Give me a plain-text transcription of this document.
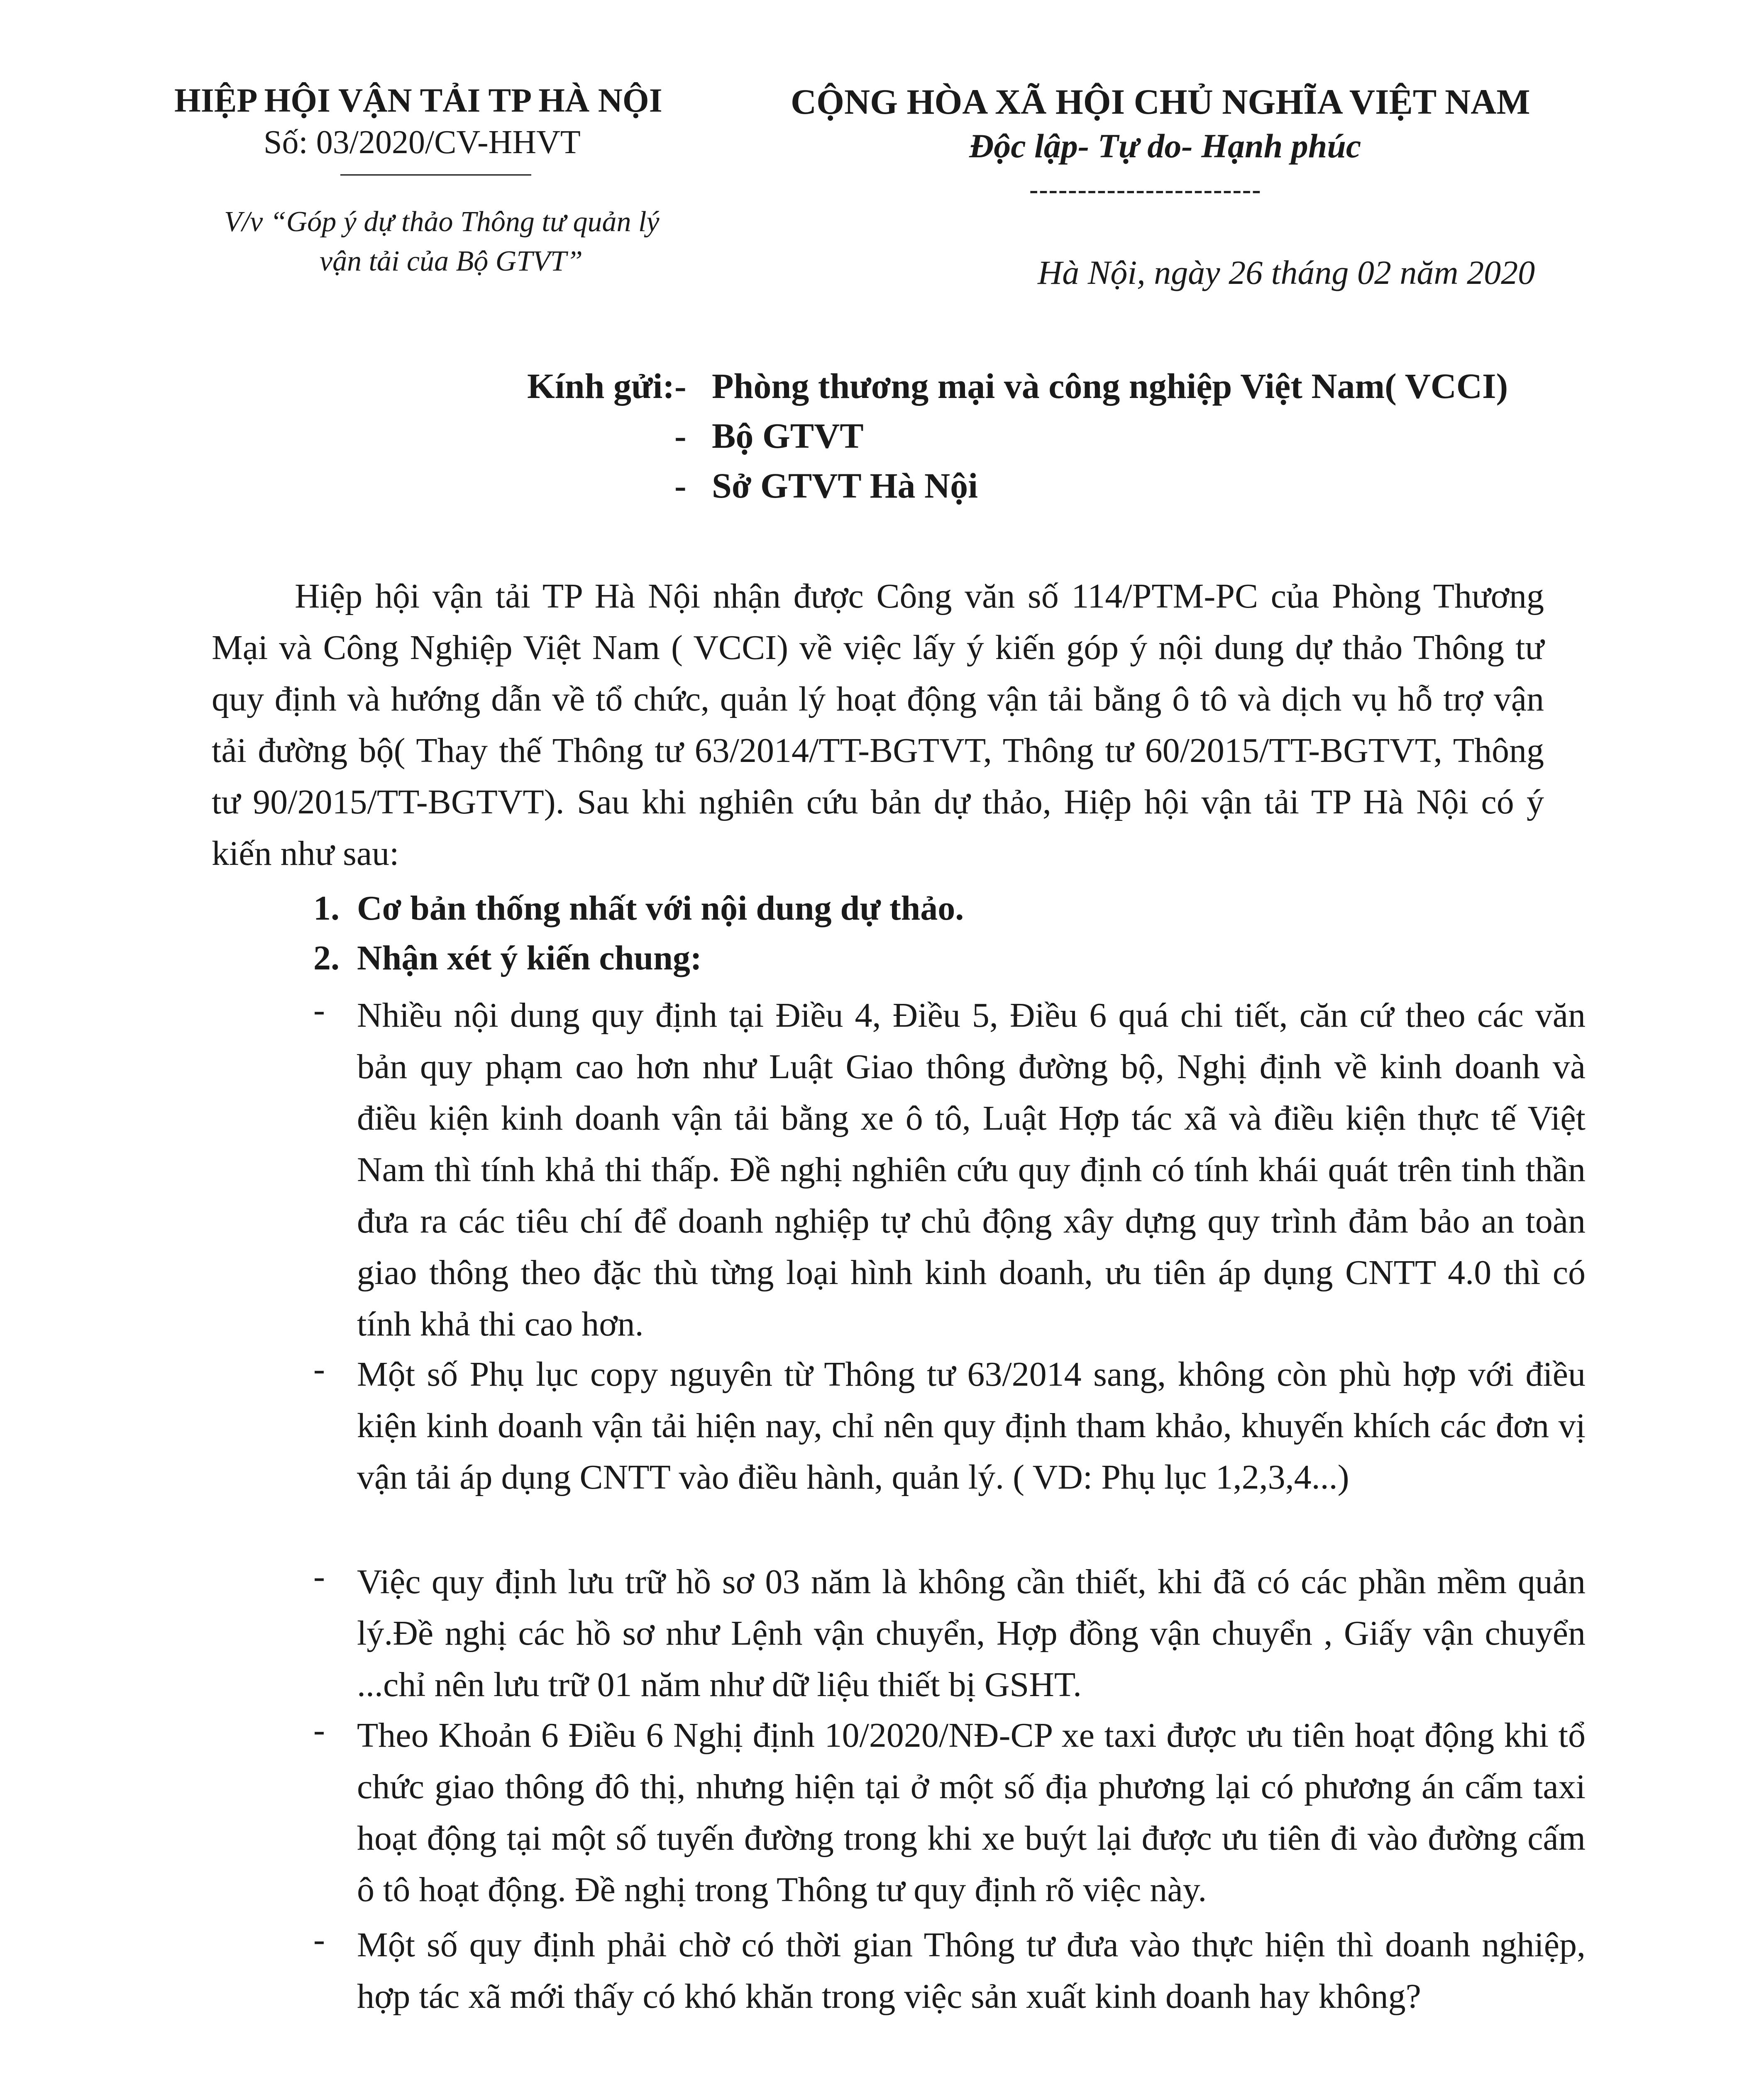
HIỆP HỘI VẬN TẢI TP HÀ NỘI
Số: 03/2020/CV-HHVT
V/v “Góp ý dự thảo Thông tư quản lý
vận tải của Bộ GTVT”
CỘNG HÒA XÃ HỘI CHỦ NGHĨA VIỆT NAM
Độc lập- Tự do- Hạnh phúc
------------------------
Hà Nội, ngày 26 tháng 02 năm 2020
Kính gửi: - Phòng thương mại và công nghiệp Việt Nam( VCCI)
- Bộ GTVT
- Sở GTVT Hà Nội
Hiệp hội vận tải TP Hà Nội nhận được Công văn số 114/PTM-PC của Phòng Thương Mại và Công Nghiệp Việt Nam ( VCCI) về việc lấy ý kiến góp ý nội dung dự thảo Thông tư quy định và hướng dẫn về tổ chức, quản lý hoạt động vận tải bằng ô tô và dịch vụ hỗ trợ vận tải đường bộ( Thay thế Thông tư 63/2014/TT-BGTVT, Thông tư 60/2015/TT-BGTVT, Thông tư 90/2015/TT-BGTVT). Sau khi nghiên cứu bản dự thảo, Hiệp hội vận tải TP Hà Nội có ý kiến như sau:
1. Cơ bản thống nhất với nội dung dự thảo.
2. Nhận xét ý kiến chung:
- Nhiều nội dung quy định tại Điều 4, Điều 5, Điều 6 quá chi tiết, căn cứ theo các văn bản quy phạm cao hơn như Luật Giao thông đường bộ, Nghị định về kinh doanh và điều kiện kinh doanh vận tải bằng xe ô tô, Luật Hợp tác xã và điều kiện thực tế Việt Nam thì tính khả thi thấp. Đề nghị nghiên cứu quy định có tính khái quát trên tinh thần đưa ra các tiêu chí để doanh nghiệp tự chủ động xây dựng quy trình đảm bảo an toàn giao thông theo đặc thù từng loại hình kinh doanh, ưu tiên áp dụng CNTT 4.0 thì có tính khả thi cao hơn.
- Một số Phụ lục copy nguyên từ Thông tư 63/2014 sang, không còn phù hợp với điều kiện kinh doanh vận tải hiện nay, chỉ nên quy định tham khảo, khuyến khích các đơn vị vận tải áp dụng CNTT vào điều hành, quản lý. ( VD: Phụ lục 1,2,3,4...)
- Việc quy định lưu trữ hồ sơ 03 năm là không cần thiết, khi đã có các phần mềm quản lý.Đề nghị các hồ sơ như Lệnh vận chuyển, Hợp đồng vận chuyển , Giấy vận chuyển ...chỉ nên lưu trữ 01 năm như dữ liệu thiết bị GSHT.
- Theo Khoản 6 Điều 6 Nghị định 10/2020/NĐ-CP xe taxi được ưu tiên hoạt động khi tổ chức giao thông đô thị, nhưng hiện tại ở một số địa phương lại có phương án cấm taxi hoạt động tại một số tuyến đường trong khi xe buýt lại được ưu tiên đi vào đường cấm ô tô hoạt động. Đề nghị trong Thông tư quy định rõ việc này.
- Một số quy định phải chờ có thời gian Thông tư đưa vào thực hiện thì doanh nghiệp, hợp tác xã mới thấy có khó khăn trong việc sản xuất kinh doanh hay không?
